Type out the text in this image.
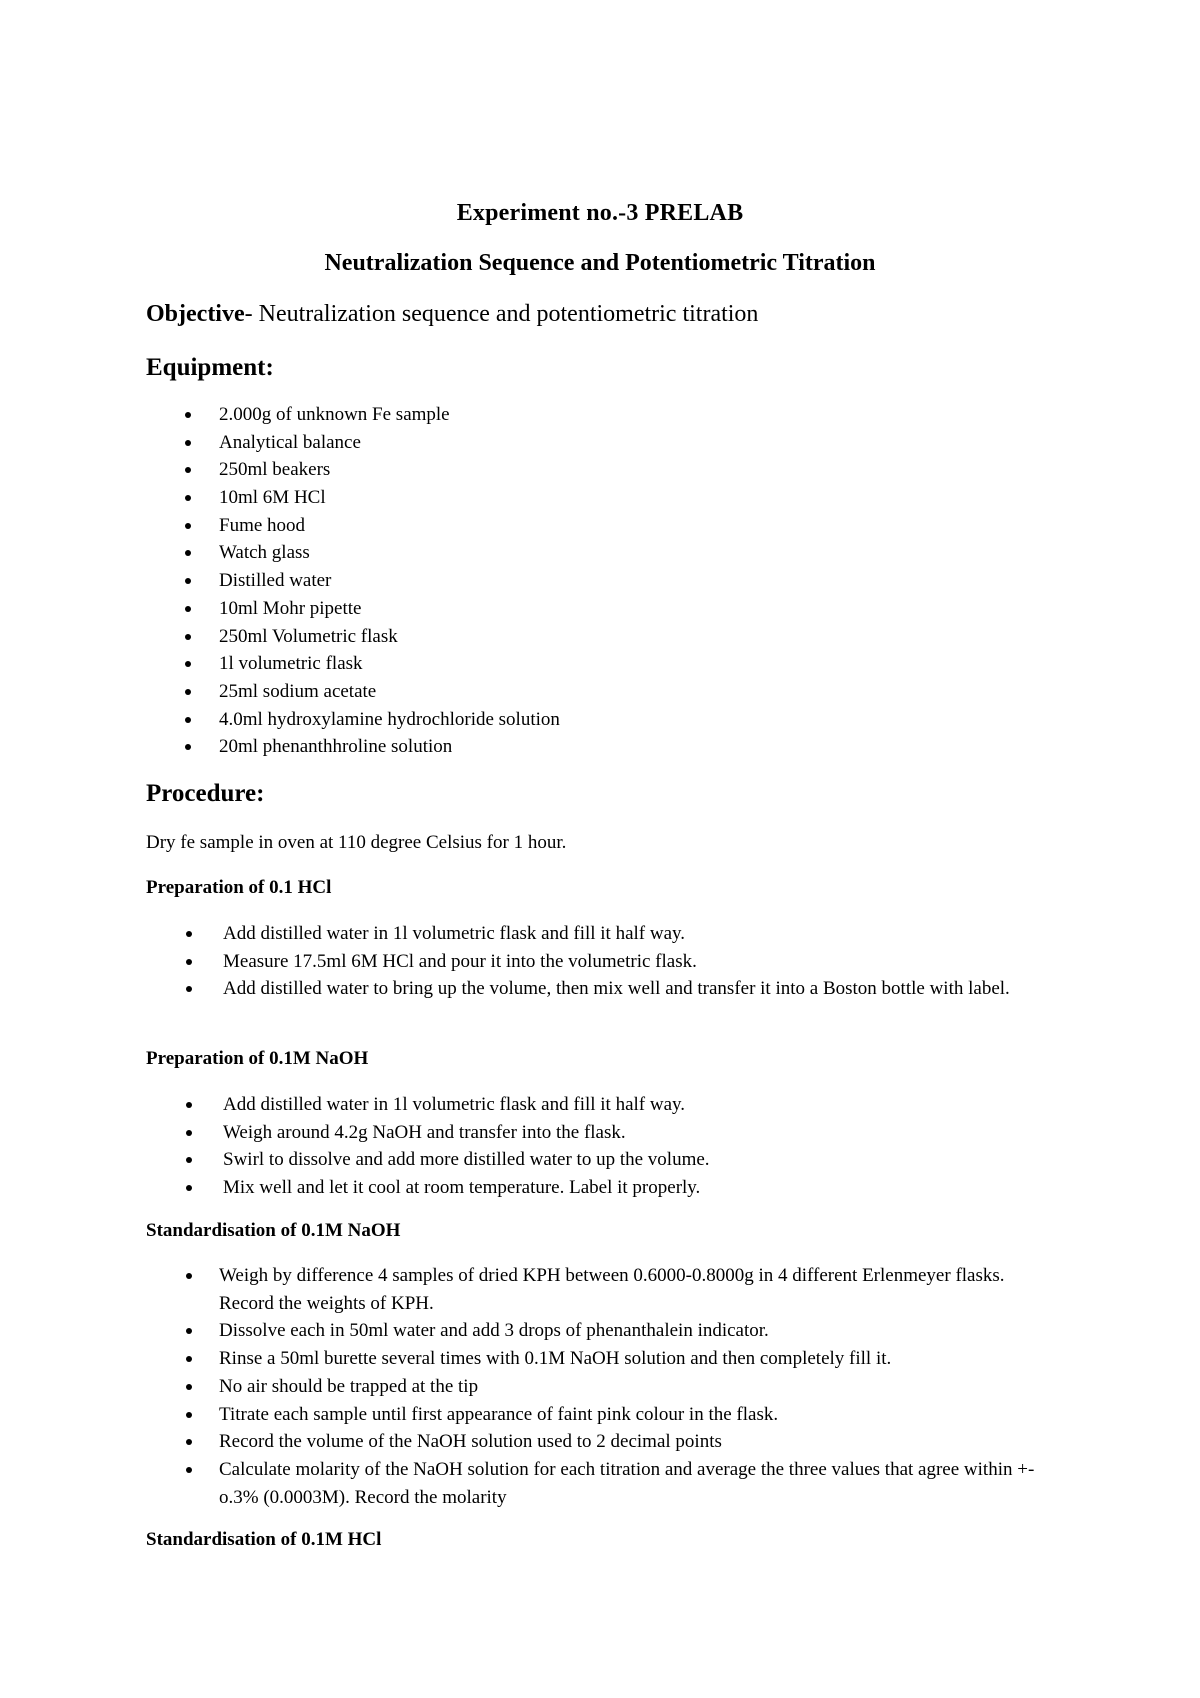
Experiment no.-3 PRELAB
Neutralization Sequence and Potentiometric Titration

Objective- Neutralization sequence and potentiometric titration

Equipment:
2.000g of unknown Fe sample
Analytical balance
250ml beakers
10ml 6M HCl
Fume hood
Watch glass
Distilled water
10ml Mohr pipette
250ml Volumetric flask
1l volumetric flask
25ml sodium acetate
4.0ml hydroxylamine hydrochloride solution
20ml phenanthhroline solution
Procedure:

Dry fe sample in oven at 110 degree Celsius for 1 hour.

Preparation of 0.1 HCl
Add distilled water in 1l volumetric flask and fill it half way.
Measure 17.5ml 6M HCl and pour it into the volumetric flask.
Add distilled water to bring up the volume, then mix well and transfer it into a Boston bottle with label.
Preparation of 0.1M NaOH
Add distilled water in 1l volumetric flask and fill it half way.
Weigh around 4.2g NaOH and transfer into the flask.
Swirl to dissolve and add more distilled water to up the volume.
Mix well and let it cool at room temperature. Label it properly.
Standardisation of 0.1M NaOH
Weigh by difference 4 samples of dried KPH between 0.6000-0.8000g in 4 different Erlenmeyer flasks. Record the weights of KPH.
Dissolve each in 50ml water and add 3 drops of phenanthalein indicator.
Rinse a 50ml burette several times with 0.1M NaOH solution and then completely fill it.
No air should be trapped at the tip
Titrate each sample until first appearance of faint pink colour in the flask.
Record the volume of the NaOH solution used to 2 decimal points
Calculate molarity of the NaOH solution for each titration and average the three values that agree within +-o.3% (0.0003M). Record the molarity
Standardisation of 0.1M HCl
